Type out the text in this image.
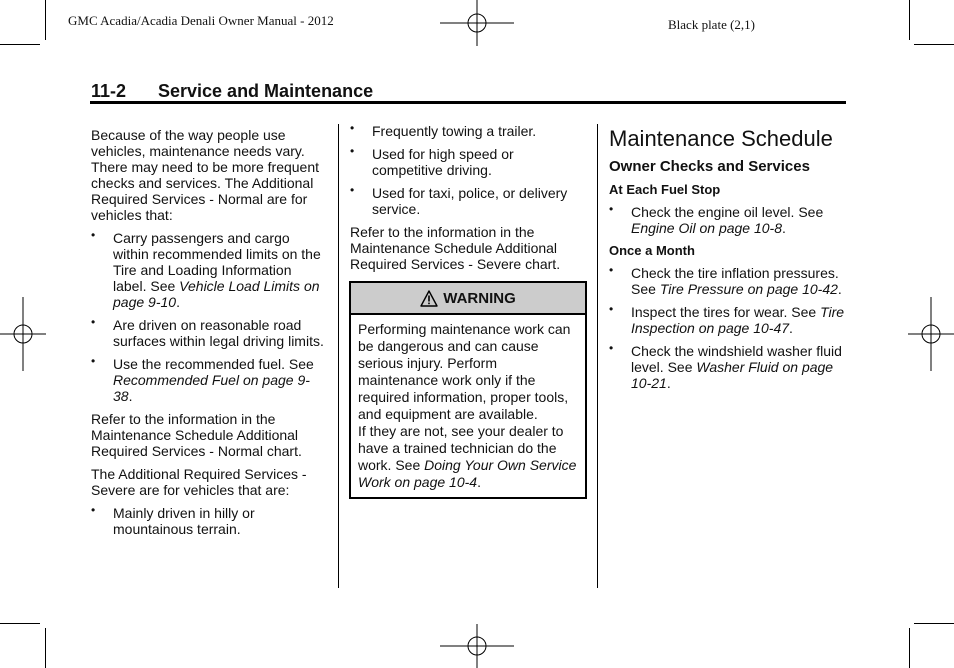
GMC Acadia/Acadia Denali Owner Manual - 2012	Black plate (2,1)
11-2 Service and Maintenance

Because of the way people use vehicles, maintenance needs vary. There may need to be more frequent checks and services. The Additional Required Services - Normal are for vehicles that:

• Carry passengers and cargo within recommended limits on the Tire and Loading Information label. See Vehicle Load Limits on page 9-10.
• Are driven on reasonable road surfaces within legal driving limits.
• Use the recommended fuel. See Recommended Fuel on page 9-38.

Refer to the information in the Maintenance Schedule Additional Required Services - Normal chart.

The Additional Required Services - Severe are for vehicles that are:

• Mainly driven in hilly or mountainous terrain.
• Frequently towing a trailer.
• Used for high speed or competitive driving.
• Used for taxi, police, or delivery service.

Refer to the information in the Maintenance Schedule Additional Required Services - Severe chart.

WARNING
Performing maintenance work can be dangerous and can cause serious injury. Perform maintenance work only if the required information, proper tools, and equipment are available.
If they are not, see your dealer to have a trained technician do the work. See Doing Your Own Service Work on page 10-4.
Maintenance Schedule
Owner Checks and Services
At Each Fuel Stop
• Check the engine oil level. See Engine Oil on page 10-8.
Once a Month
• Check the tire inflation pressures. See Tire Pressure on page 10-42.
• Inspect the tires for wear. See Tire Inspection on page 10-47.
• Check the windshield washer fluid level. See Washer Fluid on page 10-21.
